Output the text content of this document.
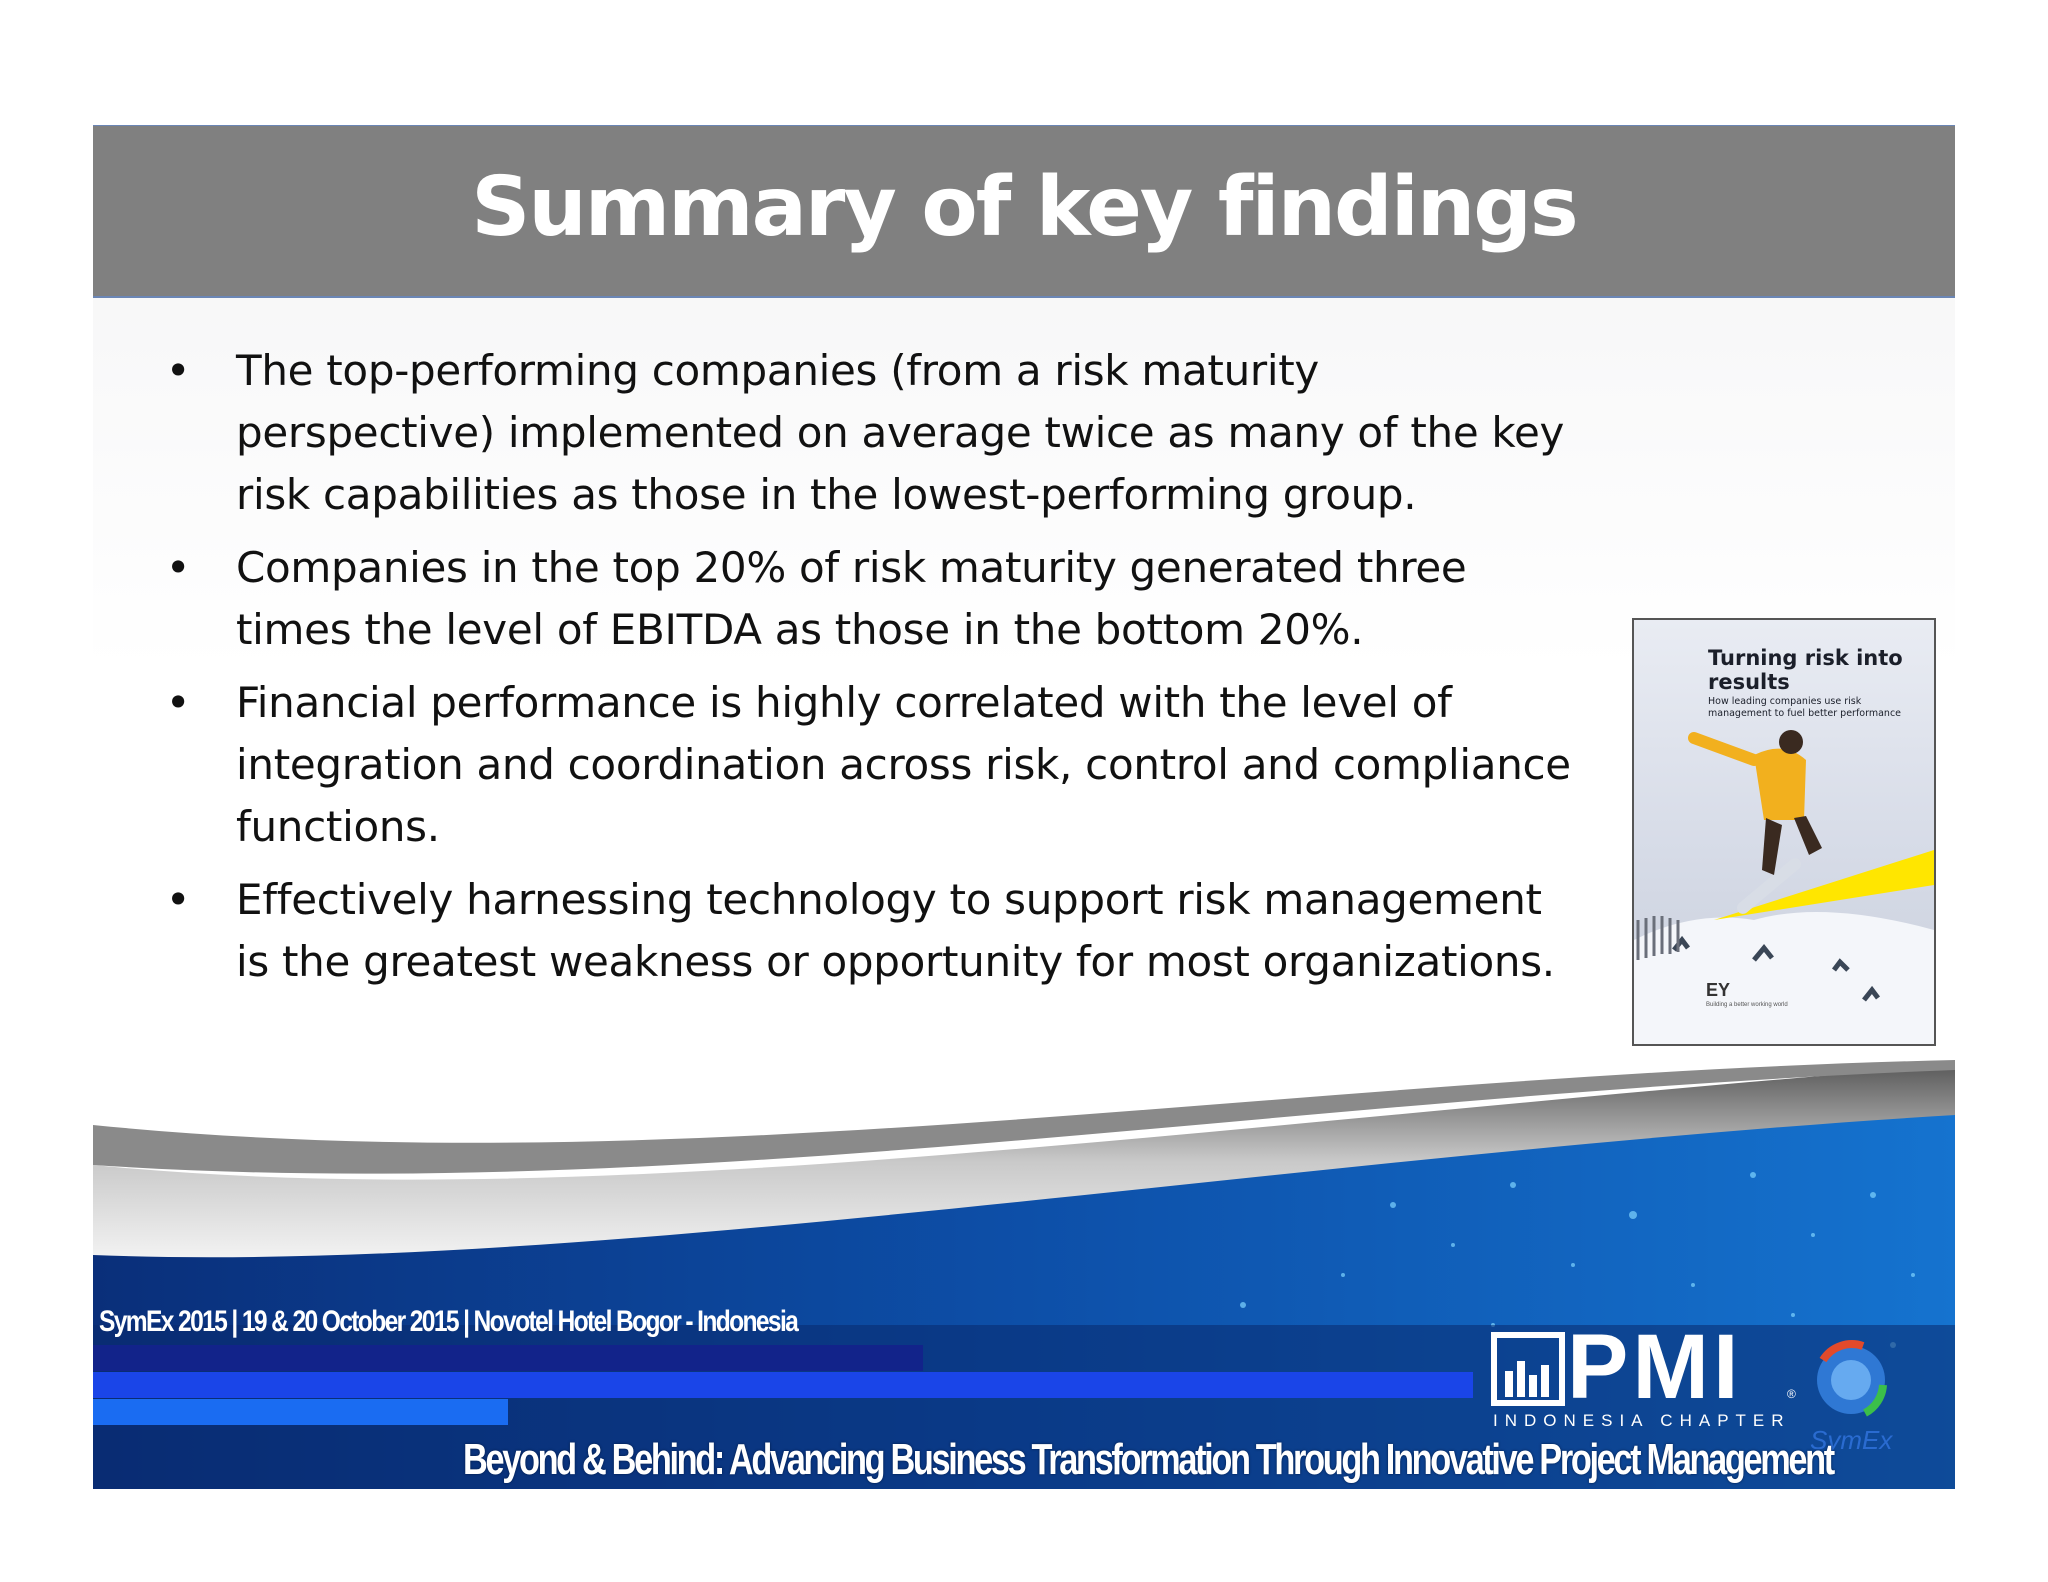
Summary of key findings
• The top-performing companies (from a risk maturity perspective) implemented on average twice as many of the key risk capabilities as those in the lowest-performing group.
• Companies in the top 20% of risk maturity generated three times the level of EBITDA as those in the bottom 20%.
• Financial performance is highly correlated with the level of integration and coordination across risk, control and compliance functions.
• Effectively harnessing technology to support risk management is the greatest weakness or opportunity for most organizations.
Turning risk into results
How leading companies use risk management to fuel better performance
EY
Building a better working world
SymEx 2015 | 19 & 20 October 2015 | Novotel Hotel Bogor - Indonesia	PMI	®
INDONESIA CHAPTER
SymEx
Beyond & Behind: Advancing Business Transformation Through Innovative Project Management
